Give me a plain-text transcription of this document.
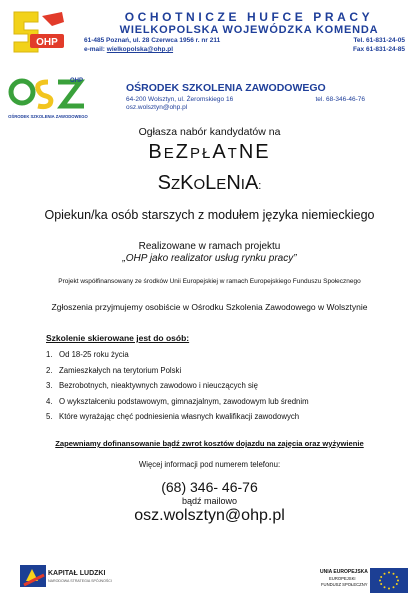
OHP
OCHOTNICZE HUFCE PRACY
WIELKOPOLSKA WOJEWÓDZKA KOMENDA
61-485 Poznań, ul. 28 Czerwca 1956 r. nr 211
e-mail: wielkopolska@ohp.pl
Tel. 61-831-24-05
Fax 61-831-24-85
OHP
OŚRODEK SZKOLENIA ZAWODOWEGO
OŚRODEK SZKOLENIA ZAWODOWEGO
64-200 Wolsztyn, ul. Żeromskiego 16	tel. 68-346-46-76
osz.wolsztyn@ohp.pl
Ogłasza nabór kandydatów na
BEZPŁATNE
SZKOLENIA:
Opiekun/ka osób starszych z modułem języka niemieckiego
Realizowane w ramach projektu
„OHP jako realizator usług rynku pracy”
Projekt współfinansowany ze środków Unii Europejskiej w ramach Europejskiego Funduszu Społecznego
Zgłoszenia przyjmujemy osobiście w Ośrodku Szkolenia Zawodowego w Wolsztynie
Szkolenie skierowane jest do osób:
1. Od 18-25 roku życia
2. Zamieszkałych na terytorium Polski
3. Bezrobotnych, nieaktywnych zawodowo i nieuczących się
4. O wykształceniu podstawowym, gimnazjalnym, zawodowym lub średnim
5. Które wyrażając chęć podniesienia własnych kwalifikacji zawodowych
Zapewniamy dofinansowanie bądź zwrot kosztów dojazdu na zajęcia oraz wyżywienie
Więcej informacji pod numerem telefonu:
(68) 346- 46-76
bądź mailowo
osz.wolsztyn@ohp.pl
KAPITAŁ LUDZKI
NARODOWA STRATEGIA SPÓJNOŚCI
UNIA EUROPEJSKA
EUROPEJSKI
FUNDUSZ SPOŁECZNY
